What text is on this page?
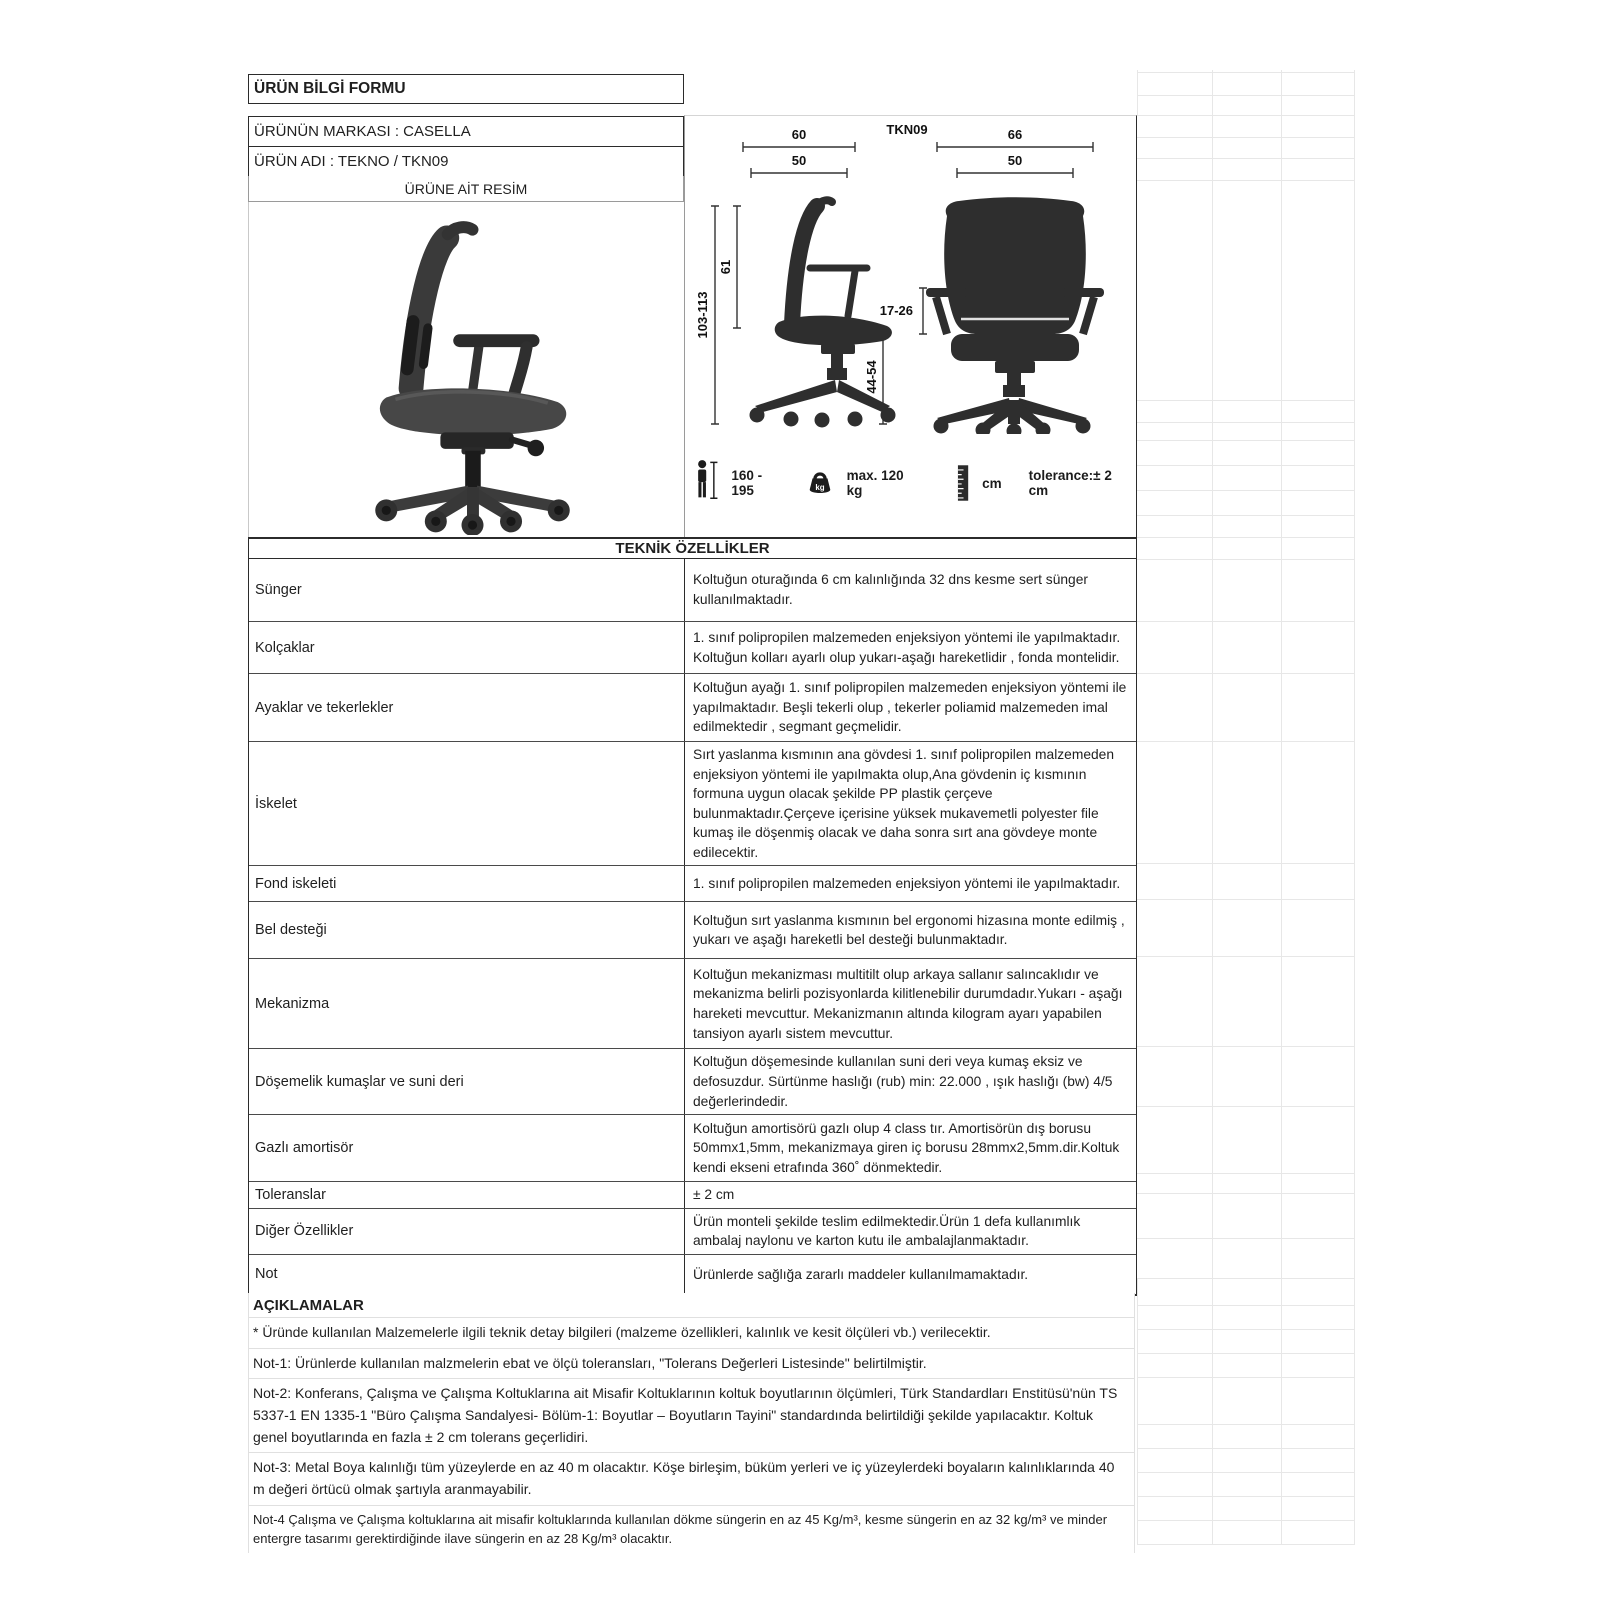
ÜRÜN BİLGİ FORMU
ÜRÜNÜN MARKASI : CASELLA
ÜRÜN ADI : TEKNO / TKN09
ÜRÜNE AİT RESİM
TKN09
60
50
66
50
103-113
61
44-54
17-26
160 - 195	kg
max. 120 kg	cm tolerance:± 2 cm
TEKNİK ÖZELLİKLER
Sünger
Koltuğun oturağında 6 cm kalınlığında 32 dns kesme sert sünger kullanılmaktadır.
Kolçaklar
1. sınıf polipropilen malzemeden enjeksiyon yöntemi ile yapılmaktadır. Koltuğun kolları ayarlı olup yukarı-aşağı hareketlidir , fonda montelidir.
Ayaklar ve tekerlekler
Koltuğun ayağı 1. sınıf polipropilen malzemeden enjeksiyon yöntemi ile yapılmaktadır. Beşli tekerli olup , tekerler poliamid malzemeden imal edilmektedir , segmant geçmelidir.
İskelet
Sırt yaslanma kısmının ana gövdesi 1. sınıf polipropilen malzemeden enjeksiyon yöntemi ile yapılmakta olup,Ana gövdenin iç kısmının formuna uygun olacak şekilde PP plastik çerçeve bulunmaktadır.Çerçeve içerisine yüksek mukavemetli polyester file kumaş ile döşenmiş olacak ve daha sonra sırt ana gövdeye monte edilecektir.
Fond iskeleti	1. sınıf polipropilen malzemeden enjeksiyon yöntemi ile yapılmaktadır.
Bel desteği
Koltuğun sırt yaslanma kısmının bel ergonomi hizasına monte edilmiş , yukarı ve aşağı hareketli bel desteği bulunmaktadır.
Mekanizma
Koltuğun mekanizması multitilt olup arkaya sallanır salıncaklıdır ve mekanizma belirli pozisyonlarda kilitlenebilir durumdadır.Yukarı - aşağı hareketi mevcuttur. Mekanizmanın altında kilogram ayarı yapabilen tansiyon ayarlı sistem mevcuttur.
Döşemelik kumaşlar ve suni deri
Koltuğun döşemesinde kullanılan suni deri veya kumaş eksiz ve defosuzdur. Sürtünme haslığı (rub) min: 22.000 , ışık haslığı (bw) 4/5 değerlerindedir.
Gazlı amortisör
Koltuğun amortisörü gazlı olup 4 class tır. Amortisörün dış borusu 50mmx1,5mm, mekanizmaya giren iç borusu 28mmx2,5mm.dir.Koltuk kendi ekseni etrafında 360˚ dönmektedir.
Toleranslar	± 2 cm
Diğer Özellikler
Ürün monteli şekilde teslim edilmektedir.Ürün 1 defa kullanımlık ambalaj naylonu ve karton kutu ile ambalajlanmaktadır.
Not	Ürünlerde sağlığa zararlı maddeler kullanılmamaktadır.
AÇIKLAMALAR
* Üründe kullanılan Malzemelerle ilgili teknik detay bilgileri (malzeme özellikleri, kalınlık ve kesit ölçüleri vb.) verilecektir.
Not-1: Ürünlerde kullanılan malzmelerin ebat ve ölçü toleransları, "Tolerans Değerleri Listesinde" belirtilmiştir.
Not-2: Konferans, Çalışma ve Çalışma Koltuklarına ait Misafir Koltuklarının koltuk boyutlarının ölçümleri, Türk Standardları Enstitüsü'nün TS 5337-1 EN 1335-1 "Büro Çalışma Sandalyesi- Bölüm-1: Boyutlar – Boyutların Tayini" standardında belirtildiği şekilde yapılacaktır. Koltuk genel boyutlarında en fazla ± 2 cm tolerans geçerlidiri.
Not-3: Metal Boya kalınlığı tüm yüzeylerde en az 40 m olacaktır. Köşe birleşim, büküm yerleri ve iç yüzeylerdeki boyaların kalınlıklarında 40 m değeri örtücü olmak şartıyla aranmayabilir.
Not-4 Çalışma ve Çalışma koltuklarına ait misafir koltuklarında kullanılan dökme süngerin en az 45 Kg/m³, kesme süngerin en az 32 kg/m³ ve minder entergre tasarımı gerektirdiğinde ilave süngerin en az 28 Kg/m³ olacaktır.
